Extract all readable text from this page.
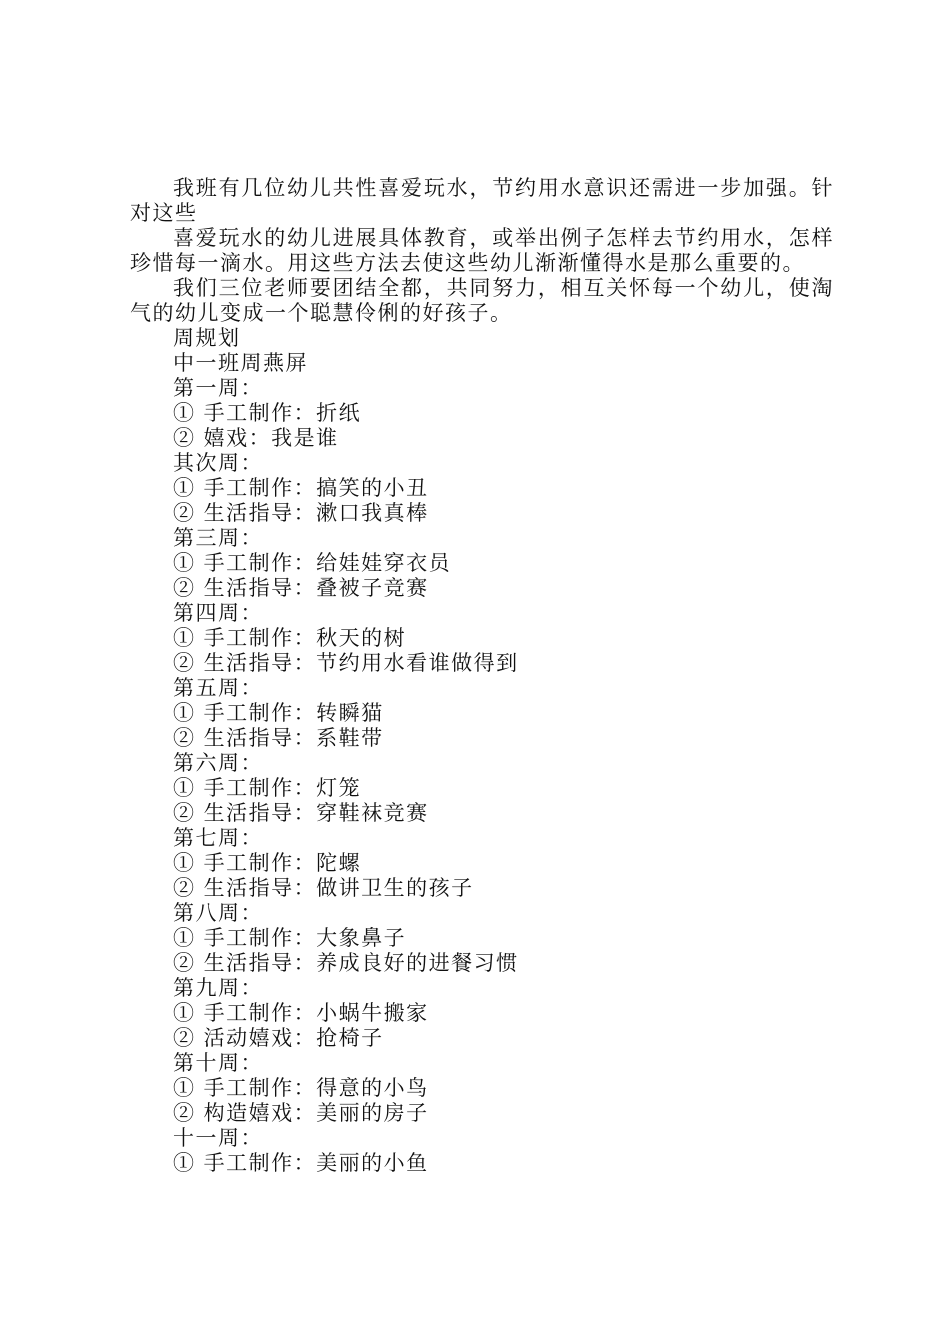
我班有几位幼儿共性喜爱玩水，节约用水意识还需进一步加强。针对这些

喜爱玩水的幼儿进展具体教育，或举出例子怎样去节约用水，怎样珍惜每一滴水。用这些方法去使这些幼儿渐渐懂得水是那么重要的。

我们三位老师要团结全都，共同努力，相互关怀每一个幼儿，使淘气的幼儿变成一个聪慧伶俐的好孩子。

周规划

中一班周燕屏

第一周：

① 手工制作：折纸

② 嬉戏：我是谁

其次周：

① 手工制作：搞笑的小丑

② 生活指导：漱口我真棒

第三周：

① 手工制作：给娃娃穿衣员

② 生活指导：叠被子竞赛

第四周：

① 手工制作：秋天的树

② 生活指导：节约用水看谁做得到

第五周：

① 手工制作：转瞬猫

② 生活指导：系鞋带

第六周：

① 手工制作：灯笼

② 生活指导：穿鞋袜竞赛

第七周：

① 手工制作：陀螺

② 生活指导：做讲卫生的孩子

第八周：

① 手工制作：大象鼻子

② 生活指导：养成良好的进餐习惯

第九周：

① 手工制作：小蜗牛搬家

② 活动嬉戏：抢椅子

第十周：

① 手工制作：得意的小鸟

② 构造嬉戏：美丽的房子

十一周：

① 手工制作：美丽的小鱼
